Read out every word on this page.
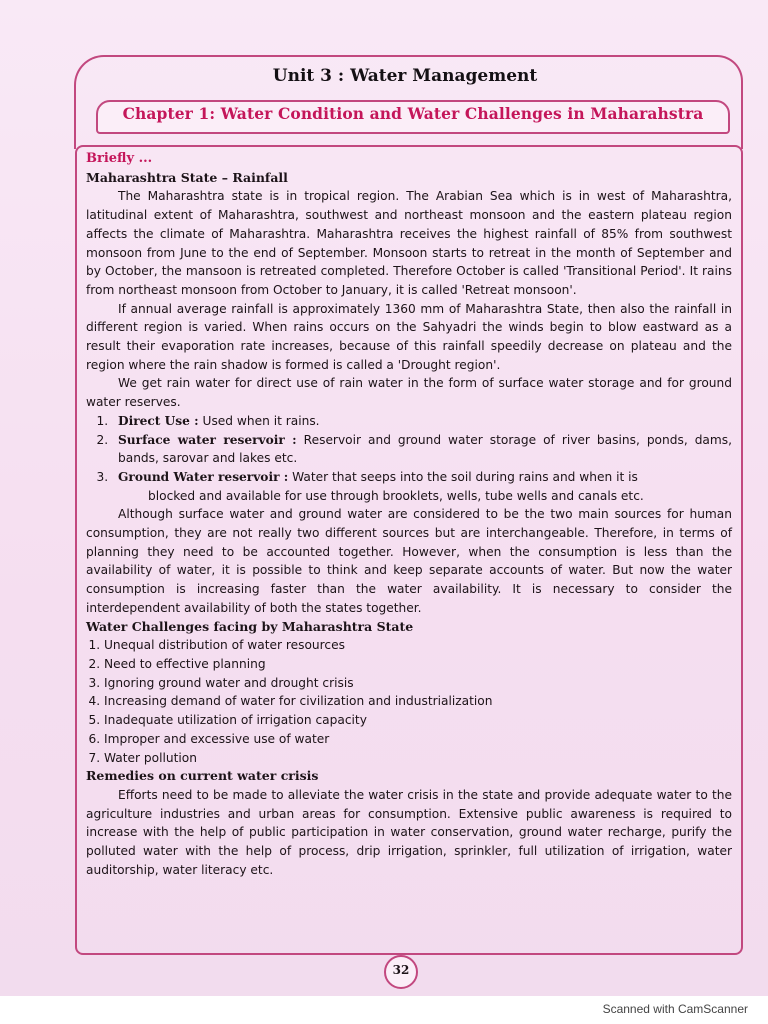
Unit 3 : Water Management
Chapter 1: Water Condition and Water Challenges in Maharahstra

Briefly ...

Maharashtra State – Rainfall

The Maharashtra state is in tropical region. The Arabian Sea which is in west of Maharashtra, latitudinal extent of Maharashtra, southwest and northeast monsoon and the eastern plateau region affects the climate of Maharashtra. Maharashtra receives the highest rainfall of 85% from southwest monsoon from June to the end of September. Monsoon starts to retreat in the month of September and by October, the mansoon is retreated completed. Therefore October is called 'Transitional Period'. It rains from northeast monsoon from October to January, it is called 'Retreat monsoon'.

If annual average rainfall is approximately 1360 mm of Maharashtra State, then also the rainfall in different region is varied. When rains occurs on the Sahyadri the winds begin to blow eastward as a result their evaporation rate increases, because of this rainfall speedily decrease on plateau and the region where the rain shadow is formed is called a 'Drought region'.

We get rain water for direct use of rain water in the form of surface water storage and for ground water reserves.

1. Direct Use : Used when it rains.
2. Surface water reservoir : Reservoir and ground water storage of river basins, ponds, dams, bands, sarovar and lakes etc.
3. Ground Water reservoir : Water that seeps into the soil during rains and when it is
blocked and available for use through brooklets, wells, tube wells and canals etc.

Although surface water and ground water are considered to be the two main sources for human consumption, they are not really two different sources but are interchangeable. Therefore, in terms of planning they need to be accounted together. However, when the consumption is less than the availability of water, it is possible to think and keep separate accounts of water. But now the water consumption is increasing faster than the water availability. It is necessary to consider the interdependent availability of both the states together.

Water Challenges facing by Maharashtra State

1. Unequal distribution of water resources
2. Need to effective planning
3. Ignoring ground water and drought crisis
4. Increasing demand of water for civilization and industrialization
5. Inadequate utilization of irrigation capacity
6. Improper and excessive use of water
7. Water pollution

Remedies on current water crisis

Efforts need to be made to alleviate the water crisis in the state and provide adequate water to the agriculture industries and urban areas for consumption. Extensive public awareness is required to increase with the help of public participation in water conservation, ground water recharge, purify the polluted water with the help of process, drip irrigation, sprinkler, full utilization of irrigation, water auditorship, water literacy etc.

32
Scanned with CamScanner
